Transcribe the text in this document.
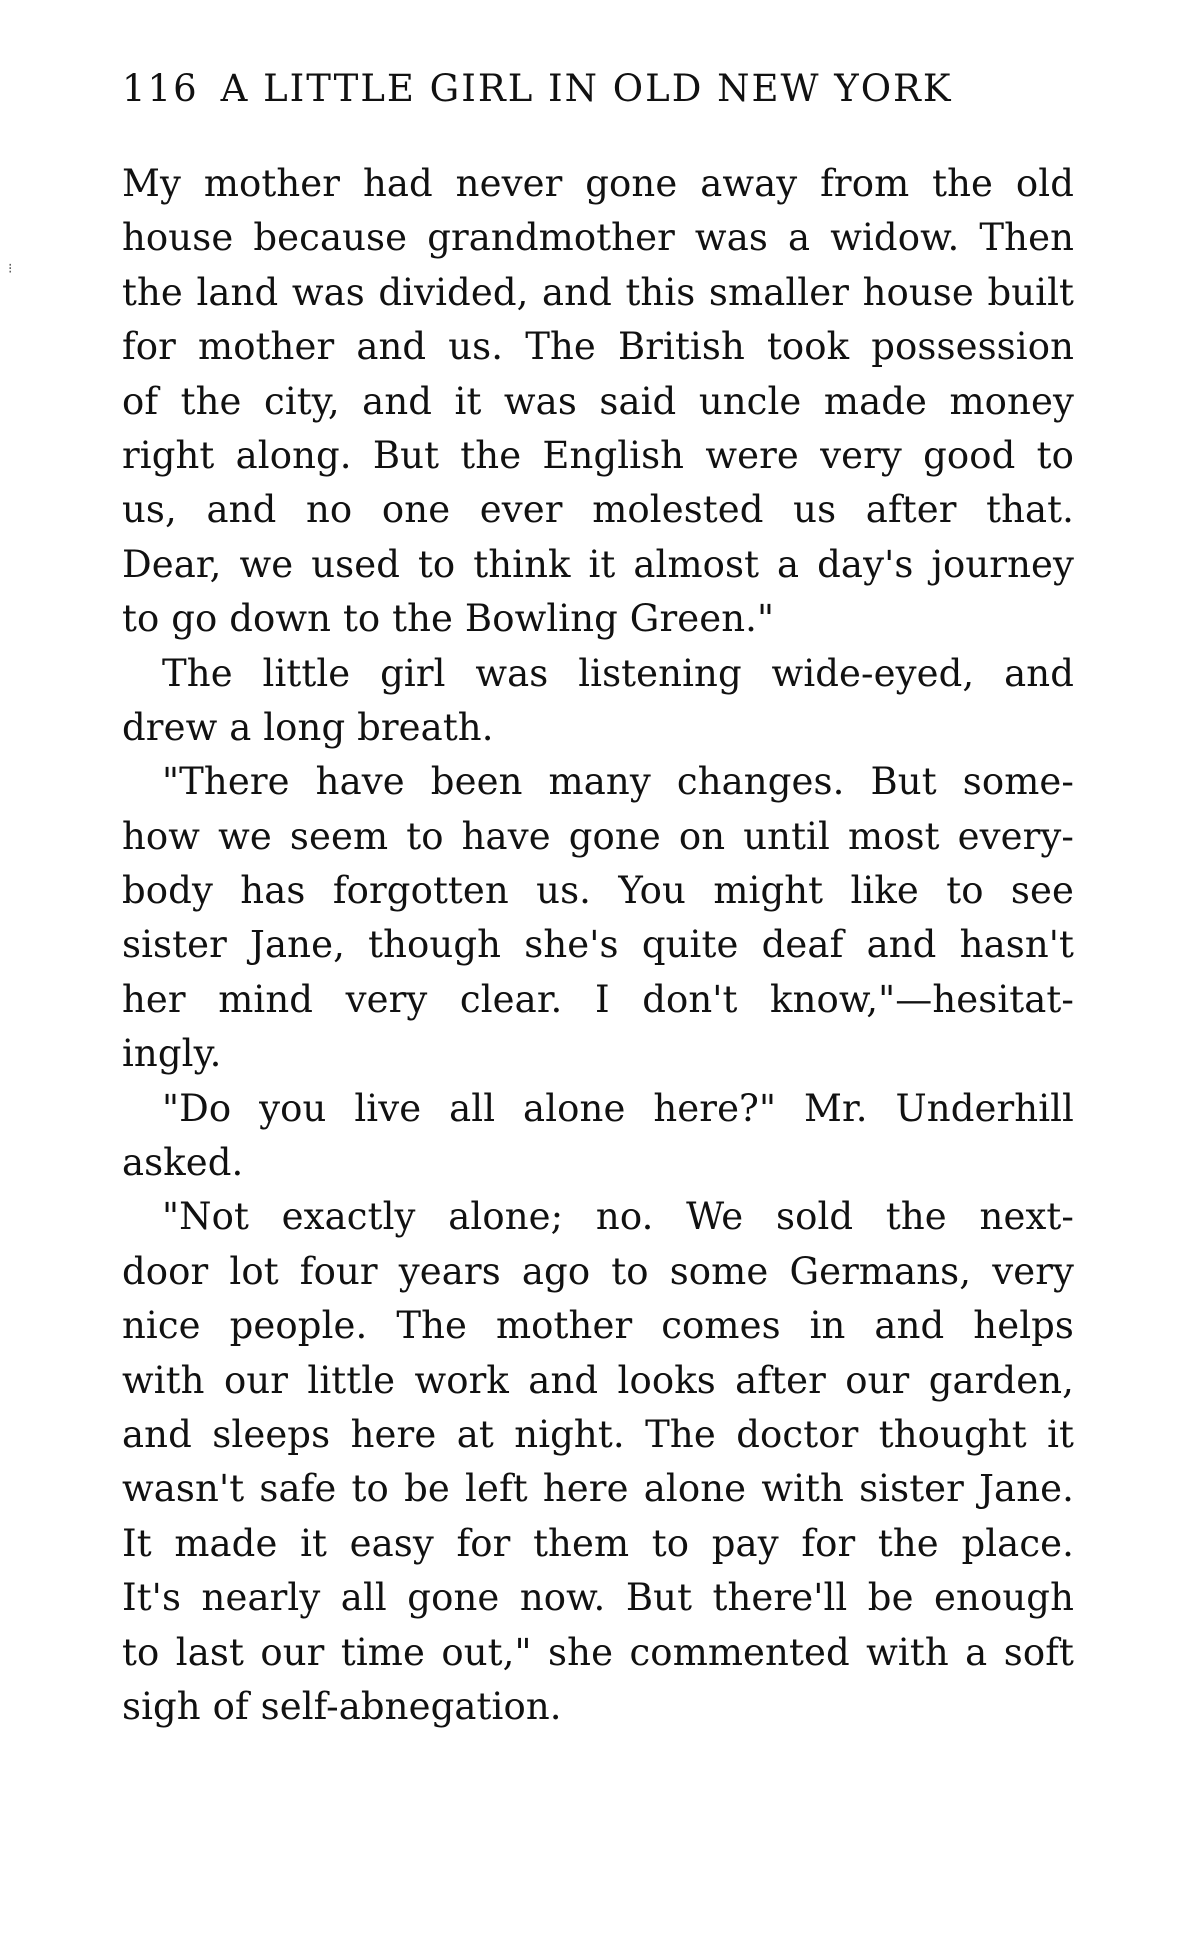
⁝
116 A LITTLE GIRL IN OLD NEW YORK
My mother had never gone away from the old
house because grandmother was a widow. Then
the land was divided, and this smaller house built
for mother and us. The British took possession
of the city, and it was said uncle made money
right along. But the English were very good to
us, and no one ever molested us after that.
Dear, we used to think it almost a day's journey
to go down to the Bowling Green."
The little girl was listening wide-eyed, and
drew a long breath.
"There have been many changes. But some-
how we seem to have gone on until most every-
body has forgotten us. You might like to see
sister Jane, though she's quite deaf and hasn't
her mind very clear. I don't know,"—hesitat-
ingly.
"Do you live all alone here?" Mr. Underhill
asked.
"Not exactly alone; no. We sold the next-
door lot four years ago to some Germans, very
nice people. The mother comes in and helps
with our little work and looks after our garden,
and sleeps here at night. The doctor thought it
wasn't safe to be left here alone with sister Jane.
It made it easy for them to pay for the place.
It's nearly all gone now. But there'll be enough
to last our time out," she commented with a soft
sigh of self-abnegation.
